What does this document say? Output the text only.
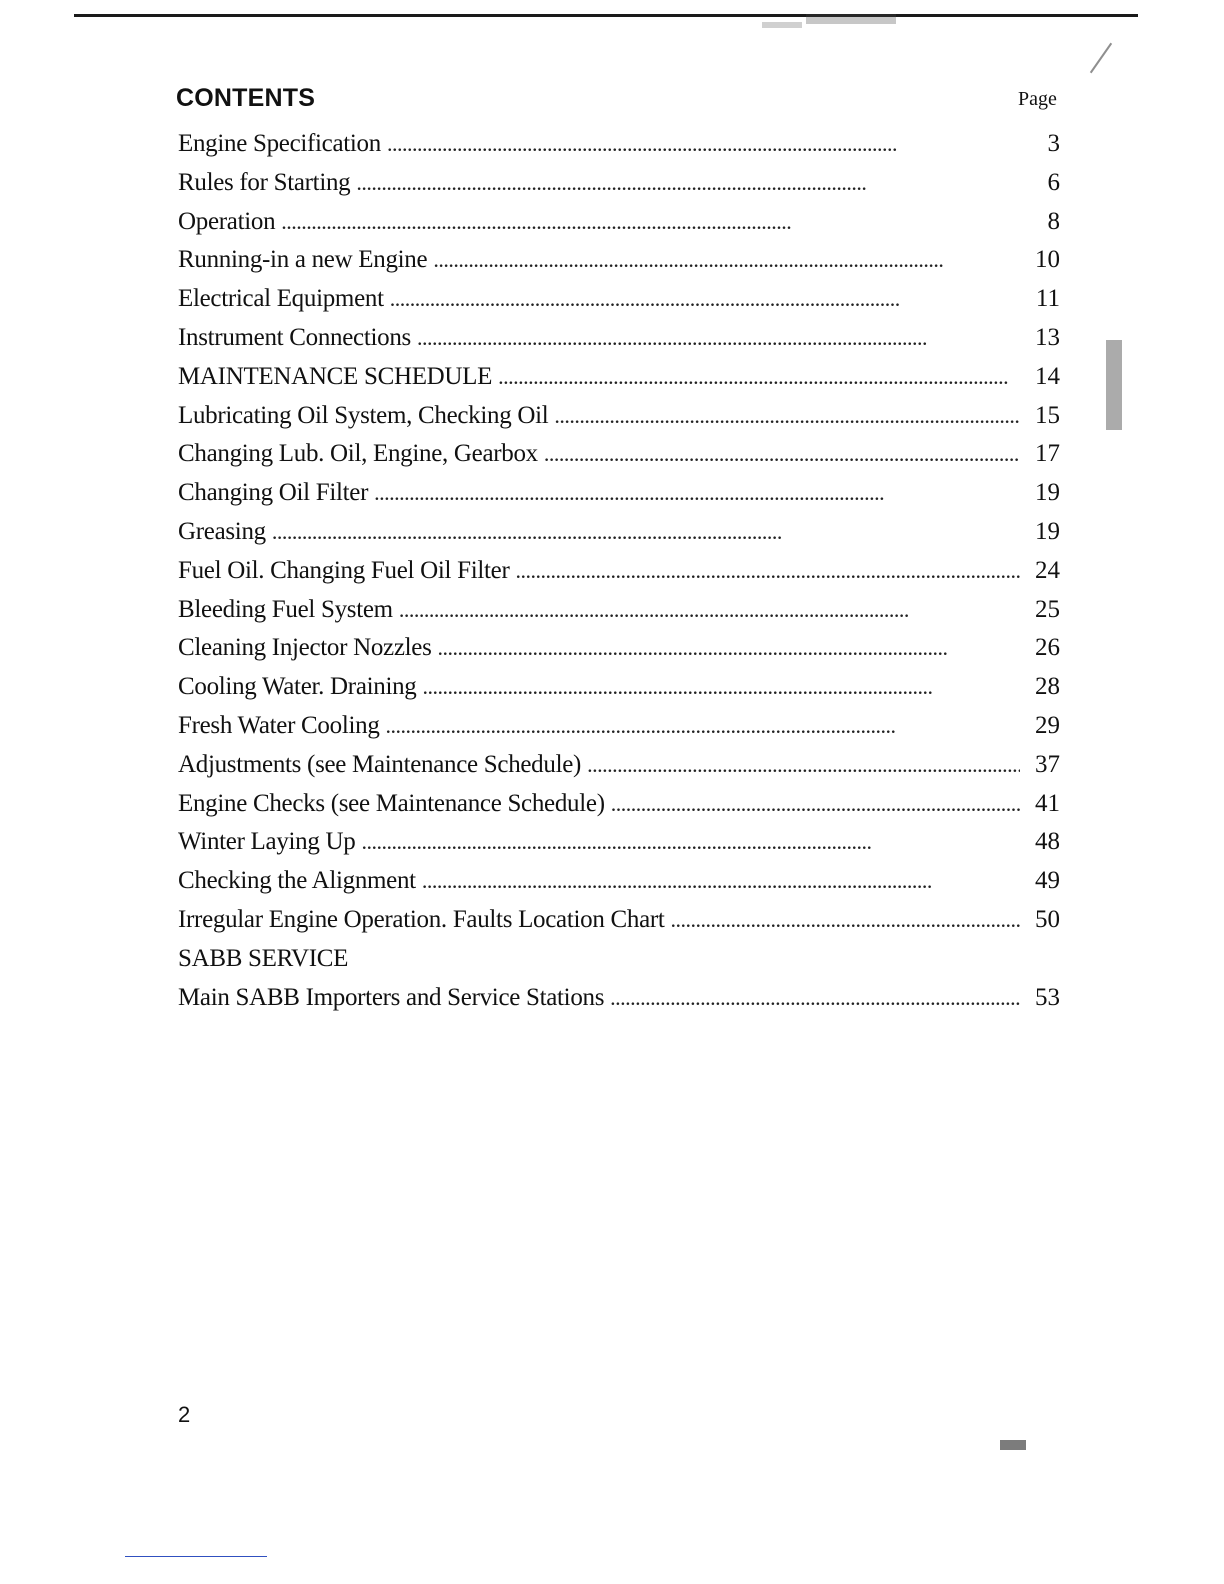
CONTENTS	Page
Engine Specification . . .	3
Rules for Starting . . .	6
Operation . . .	8
Running-in a new Engine . . .	10
Electrical Equipment . . .	11
Instrument Connections . . .	13
MAINTENANCE SCHEDULE . . .	14
Lubricating Oil System, Checking Oil . . .	15
Changing Lub. Oil, Engine, Gearbox . . .	17
Changing Oil Filter . . .	19
Greasing . . .	19
Fuel Oil. Changing Fuel Oil Filter . . .	24
Bleeding Fuel System . . .	25
Cleaning Injector Nozzles . . .	26
Cooling Water. Draining . . .	28
Fresh Water Cooling . . .	29
Adjustments (see Maintenance Schedule) . . .	37
Engine Checks (see Maintenance Schedule) . . .	41
Winter Laying Up . . .	48
Checking the Alignment . . .	49
Irregular Engine Operation. Faults Location Chart . . .	50
SABB SERVICE
Main SABB Importers and Service Stations . . .	53
2
